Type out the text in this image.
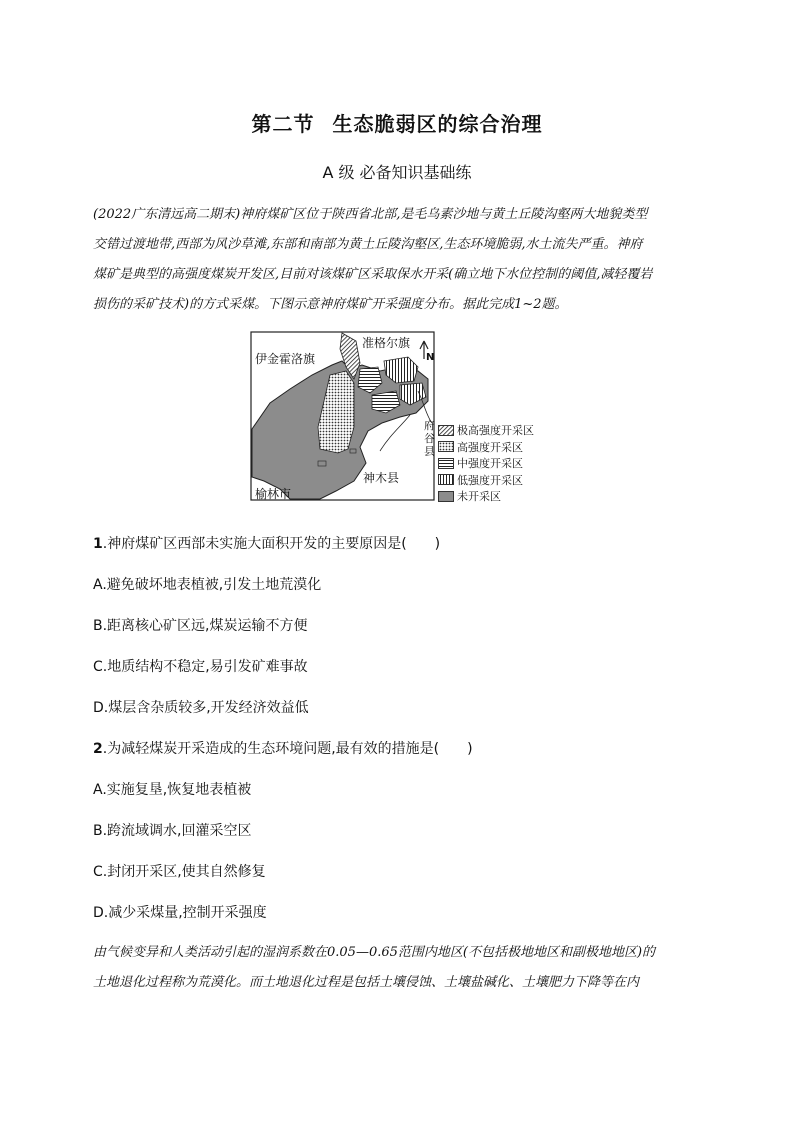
第二节 生态脆弱区的综合治理
A 级 必备知识基础练
(2022广东清远高二期末)神府煤矿区位于陕西省北部,是毛乌素沙地与黄土丘陵沟壑两大地貌类型
交错过渡地带,西部为风沙草滩,东部和南部为黄土丘陵沟壑区,生态环境脆弱,水土流失严重。神府
煤矿是典型的高强度煤炭开发区,目前对该煤矿区采取保水开采(确立地下水位控制的阈值,减轻覆岩
损伤的采矿技术)的方式采煤。下图示意神府煤矿开采强度分布。据此完成1~2题。
伊金霍洛旗
准格尔旗
N
府谷县
神木县
榆林市
极高强度开采区
高强度开采区
中强度开采区
低强度开采区
未开采区
1.神府煤矿区西部未实施大面积开发的主要原因是(　　)
A.避免破坏地表植被,引发土地荒漠化
B.距离核心矿区远,煤炭运输不方便
C.地质结构不稳定,易引发矿难事故
D.煤层含杂质较多,开发经济效益低
2.为减轻煤炭开采造成的生态环境问题,最有效的措施是(　　)
A.实施复垦,恢复地表植被
B.跨流域调水,回灌采空区
C.封闭开采区,使其自然修复
D.减少采煤量,控制开采强度
由气候变异和人类活动引起的湿润系数在0.05—0.65范围内地区(不包括极地地区和副极地地区)的
土地退化过程称为荒漠化。而土地退化过程是包括土壤侵蚀、土壤盐碱化、土壤肥力下降等在内
